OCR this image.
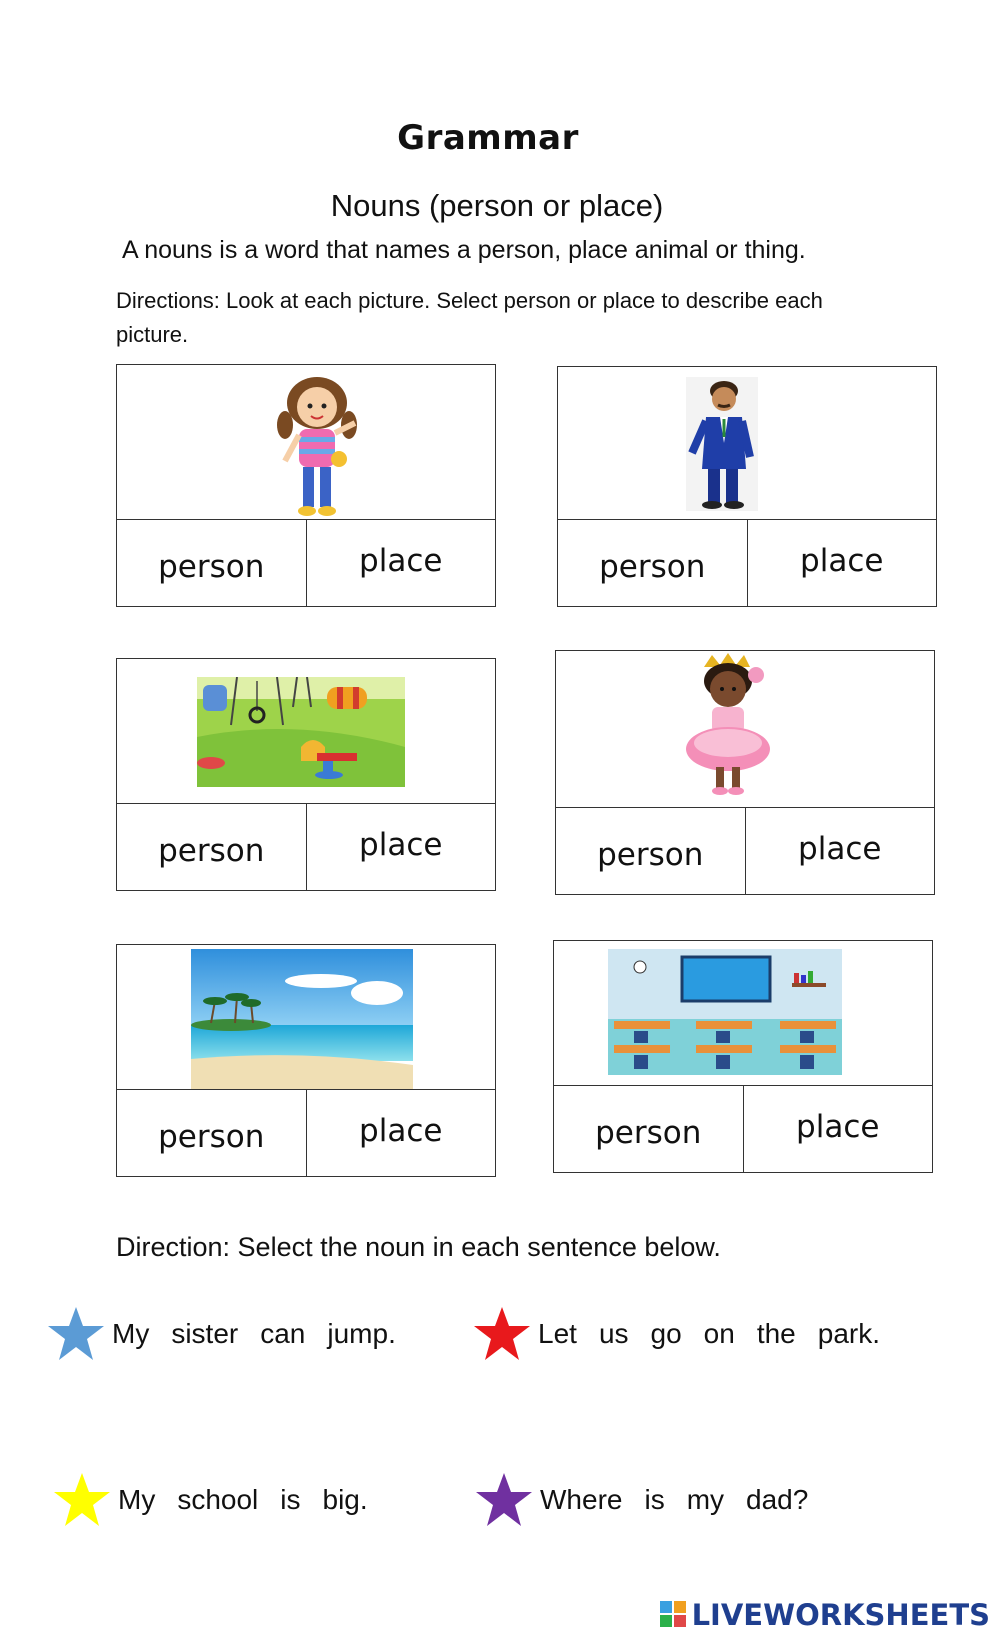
Grammar
Nouns (person or place)
A nouns is a word that names a person, place animal or thing.
Directions: Look at each picture. Select person or place to describe each picture.
person	place	person	place
person	place	person	place
person	place	person	place
Direction: Select the noun in each sentence below.
My sister can jump.	Let us go on the park.
My school is big.	Where is my dad?
LIVEWORKSHEETS
